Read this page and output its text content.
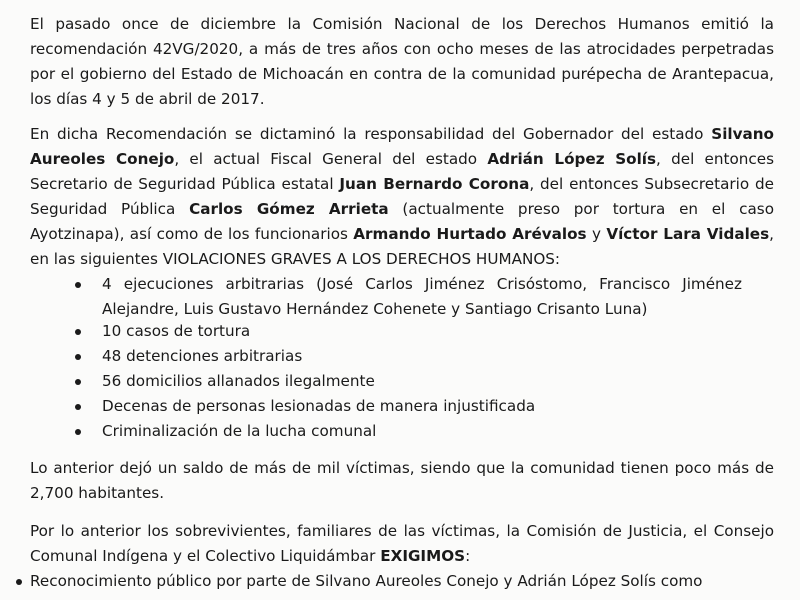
El pasado once de diciembre la Comisión Nacional de los Derechos Humanos emitió la recomendación 42VG/2020, a más de tres años con ocho meses de las atrocidades perpetradas por el gobierno del Estado de Michoacán en contra de la comunidad purépecha de Arantepacua, los días 4 y 5 de abril de 2017.

En dicha Recomendación se dictaminó la responsabilidad del Gobernador del estado Silvano Aureoles Conejo, el actual Fiscal General del estado Adrián López Solís, del entonces Secretario de Seguridad Pública estatal Juan Bernardo Corona, del entonces Subsecretario de Seguridad Pública Carlos Gómez Arrieta (actualmente preso por tortura en el caso Ayotzinapa), así como de los funcionarios Armando Hurtado Arévalos y Víctor Lara Vidales, en las siguientes VIOLACIONES GRAVES A LOS DERECHOS HUMANOS:

4 ejecuciones arbitrarias (José Carlos Jiménez Crisóstomo, Francisco Jiménez Alejandre, Luis Gustavo Hernández Cohenete y Santiago Crisanto Luna)
10 casos de tortura
48 detenciones arbitrarias
56 domicilios allanados ilegalmente
Decenas de personas lesionadas de manera injustificada
Criminalización de la lucha comunal

Lo anterior dejó un saldo de más de mil víctimas, siendo que la comunidad tienen poco más de 2,700 habitantes.

Por lo anterior los sobrevivientes, familiares de las víctimas, la Comisión de Justicia, el Consejo Comunal Indígena y el Colectivo Liquidámbar EXIGIMOS:

Reconocimiento público por parte de Silvano Aureoles Conejo y Adrián López Solís como
